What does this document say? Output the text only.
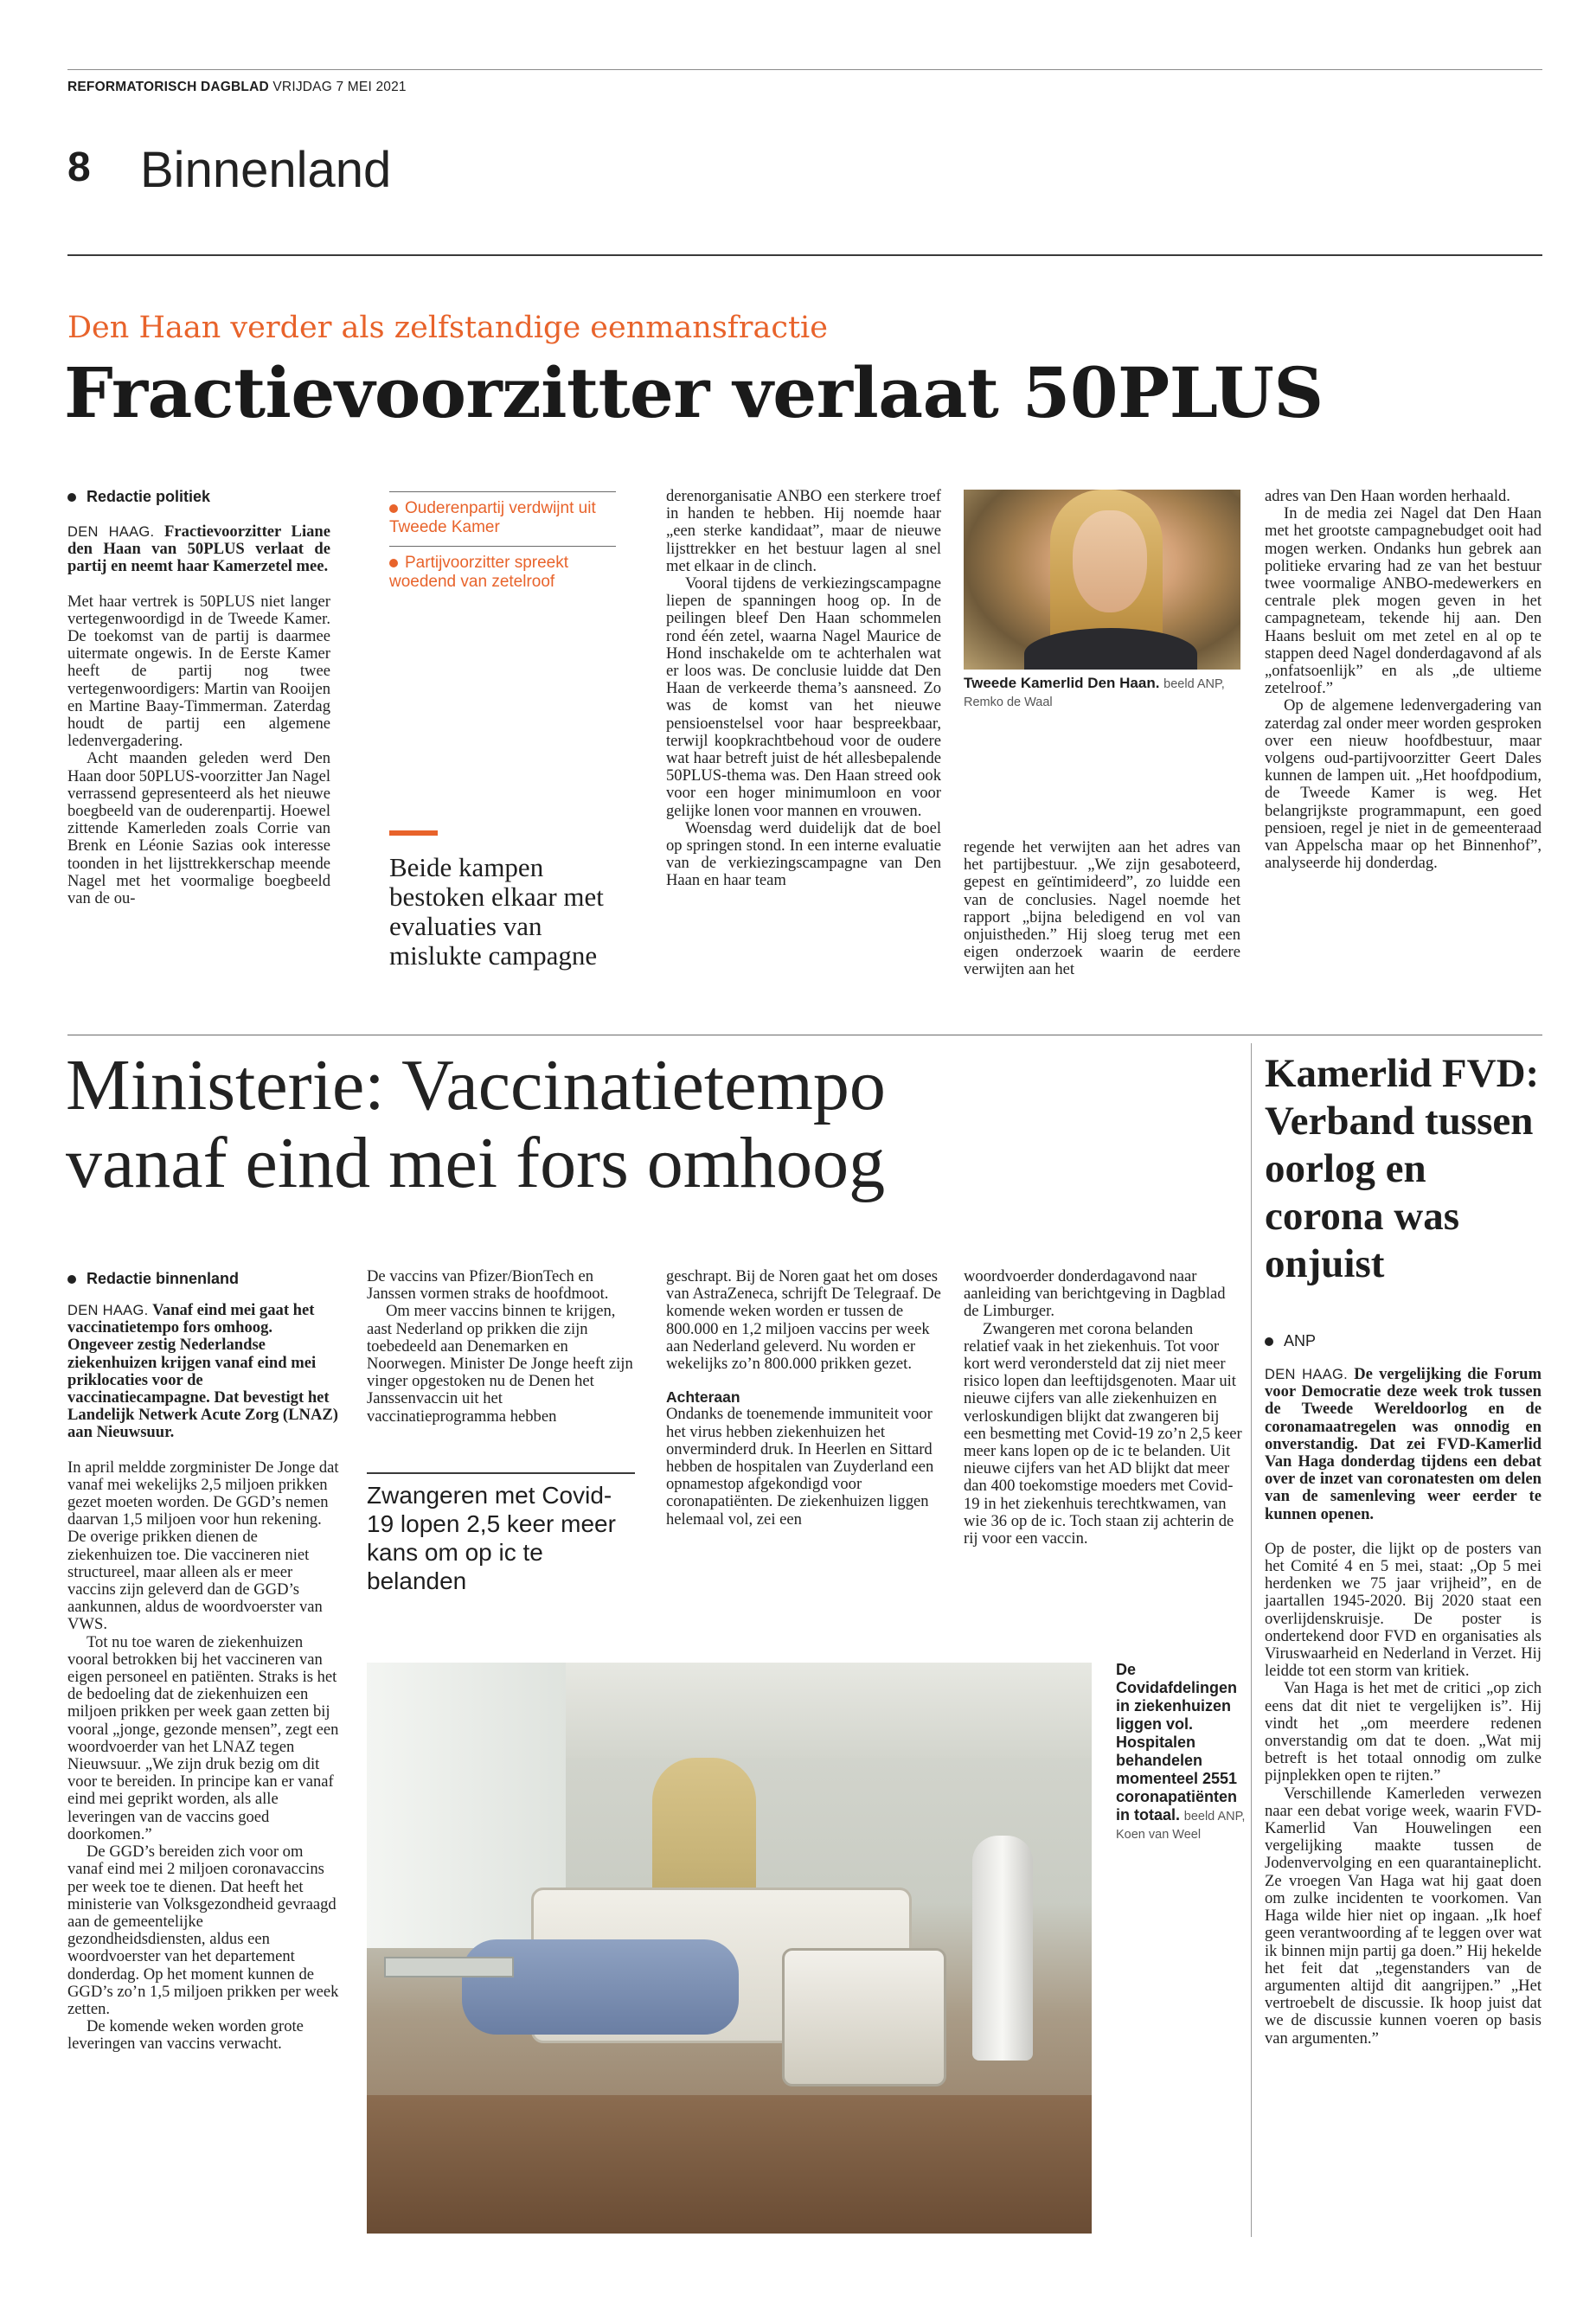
REFORMATORISCH DAGBLAD VRIJDAG 7 MEI 2021
8 Binnenland
Den Haan verder als zelfstandige eenmansfractie
Fractievoorzitter verlaat 50PLUS
Redactie politiek

DEN HAAG. Fractievoorzitter Liane den Haan van 50PLUS verlaat de partij en neemt haar Kamerzetel mee.

Met haar vertrek is 50PLUS niet langer vertegenwoordigd in de Tweede Kamer. De toekomst van de partij is daarmee uitermate ongewis. In de Eerste Kamer heeft de partij nog twee vertegenwoordigers: Martin van Rooijen en Martine Baay-Timmerman. Zaterdag houdt de partij een algemene ledenvergadering.

Acht maanden geleden werd Den Haan door 50PLUS-voorzitter Jan Nagel verrassend gepresenteerd als het nieuwe boegbeeld van de ouderenpartij. Hoewel zittende Kamerleden zoals Corrie van Brenk en Léonie Sazias ook interesse toonden in het lijsttrekkerschap meende Nagel met het voormalige boegbeeld van de ou-

Ouderenpartij verdwijnt uit Tweede Kamer
Partijvoorzitter spreekt woedend van zetelroof
Beide kampen bestoken elkaar met evaluaties van mislukte campagne

derenorganisatie ANBO een sterkere troef in handen te hebben. Hij noemde haar „een sterke kandidaat”, maar de nieuwe lijsttrekker en het bestuur lagen al snel met elkaar in de clinch.

Vooral tijdens de verkiezingscampagne liepen de spanningen hoog op. In de peilingen bleef Den Haan schommelen rond één zetel, waarna Nagel Maurice de Hond inschakelde om te achterhalen wat er loos was. De conclusie luidde dat Den Haan de verkeerde thema’s aansneed. Zo was de komst van het nieuwe pensioenstelsel voor haar bespreekbaar, terwijl koopkrachtbehoud voor de oudere wat haar betreft juist de hét allesbepalende 50PLUS-thema was. Den Haan streed ook voor een hoger minimumloon en voor gelijke lonen voor mannen en vrouwen.

Woensdag werd duidelijk dat de boel op springen stond. In een interne evaluatie van de verkiezingscampagne van Den Haan en haar team

Tweede Kamerlid Den Haan. beeld ANP, Remko de Waal

regende het verwijten aan het adres van het partijbestuur. „We zijn gesaboteerd, gepest en geïntimideerd”, zo luidde een van de conclusies. Nagel noemde het rapport „bijna beledigend en vol van onjuistheden.” Hij sloeg terug met een eigen onderzoek waarin de eerdere verwijten aan het

adres van Den Haan worden herhaald.

In de media zei Nagel dat Den Haan met het grootste campagnebudget ooit had mogen werken. Ondanks hun gebrek aan politieke ervaring had ze van het bestuur twee voormalige ANBO-medewerkers en centrale plek mogen geven in het campagneteam, tekende hij aan. Den Haans besluit om met zetel en al op te stappen deed Nagel donderdagavond af als „onfatsoenlijk” en als „de ultieme zetelroof.”

Op de algemene ledenvergadering van zaterdag zal onder meer worden gesproken over een nieuw hoofdbestuur, maar volgens oud-partijvoorzitter Geert Dales kunnen de lampen uit. „Het hoofdpodium, de Tweede Kamer is weg. Het belangrijkste programmapunt, een goed pensioen, regel je niet in de gemeenteraad van Appelscha maar op het Binnenhof”, analyseerde hij donderdag.

Ministerie: Vaccinatietempo
vanaf eind mei fors omhoog
Redactie binnenland

DEN HAAG. Vanaf eind mei gaat het vaccinatietempo fors omhoog. Ongeveer zestig Nederlandse ziekenhuizen krijgen vanaf eind mei priklocaties voor de vaccinatiecampagne. Dat bevestigt het Landelijk Netwerk Acute Zorg (LNAZ) aan Nieuwsuur.

In april meldde zorgminister De Jonge dat vanaf mei wekelijks 2,5 miljoen prikken gezet moeten worden. De GGD’s nemen daarvan 1,5 miljoen voor hun rekening. De overige prikken dienen de ziekenhuizen toe. Die vaccineren niet structureel, maar alleen als er meer vaccins zijn geleverd dan de GGD’s aankunnen, aldus de woordvoerster van VWS.

Tot nu toe waren de ziekenhuizen vooral betrokken bij het vaccineren van eigen personeel en patiënten. Straks is het de bedoeling dat de ziekenhuizen een miljoen prikken per week gaan zetten bij vooral „jonge, gezonde mensen”, zegt een woordvoerder van het LNAZ tegen Nieuwsuur. „We zijn druk bezig om dit voor te bereiden. In principe kan er vanaf eind mei geprikt worden, als alle leveringen van de vaccins goed doorkomen.”

De GGD’s bereiden zich voor om vanaf eind mei 2 miljoen coronavaccins per week toe te dienen. Dat heeft het ministerie van Volksgezondheid gevraagd aan de gemeentelijke gezondheidsdiensten, aldus een woordvoerster van het departement donderdag. Op het moment kunnen de GGD’s zo’n 1,5 miljoen prikken per week zetten.

De komende weken worden grote leveringen van vaccins verwacht.

De vaccins van Pfizer/BionTech en Janssen vormen straks de hoofdmoot.

Om meer vaccins binnen te krijgen, aast Nederland op prikken die zijn toebedeeld aan Denemarken en Noorwegen. Minister De Jonge heeft zijn vinger opgestoken nu de Denen het Janssenvaccin uit het vaccinatieprogramma hebben

Zwangeren met Covid-19 lopen 2,5 keer meer kans om op ic te belanden

geschrapt. Bij de Noren gaat het om doses van AstraZeneca, schrijft De Telegraaf. De komende weken worden er tussen de 800.000 en 1,2 miljoen vaccins per week aan Nederland geleverd. Nu worden er wekelijks zo’n 800.000 prikken gezet.

Achteraan

Ondanks de toenemende immuniteit voor het virus hebben ziekenhuizen het onverminderd druk. In Heerlen en Sittard hebben de hospitalen van Zuyderland een opnamestop afgekondigd voor coronapatiënten. De ziekenhuizen liggen helemaal vol, zei een

woordvoerder donderdagavond naar aanleiding van berichtgeving in Dagblad de Limburger.

Zwangeren met corona belanden relatief vaak in het ziekenhuis. Tot voor kort werd verondersteld dat zij niet meer risico lopen dan leeftijdsgenoten. Maar uit nieuwe cijfers van alle ziekenhuizen en verloskundigen blijkt dat zwangeren bij een besmetting met Covid-19 zo’n 2,5 keer meer kans lopen op de ic te belanden. Uit nieuwe cijfers van het AD blijkt dat meer dan 400 toekomstige moeders met Covid-19 in het ziekenhuis terechtkwamen, van wie 36 op de ic. Toch staan zij achterin de rij voor een vaccin.

De Covidafdelingen in ziekenhuizen liggen vol. Hospitalen behandelen momenteel 2551 coronapatiënten in totaal. beeld ANP, Koen van Weel
Kamerlid FVD: Verband tussen oorlog en corona was onjuist
ANP

DEN HAAG. De vergelijking die Forum voor Democratie deze week trok tussen de Tweede Wereldoorlog en de coronamaatregelen was onnodig en onverstandig. Dat zei FVD-Kamerlid Van Haga donderdag tijdens een debat over de inzet van coronatesten om delen van de samenleving weer eerder te kunnen openen.

Op de poster, die lijkt op de posters van het Comité 4 en 5 mei, staat: „Op 5 mei herdenken we 75 jaar vrijheid”, en de jaartallen 1945-2020. Bij 2020 staat een overlijdenskruisje. De poster is ondertekend door FVD en organisaties als Viruswaarheid en Nederland in Verzet. Hij leidde tot een storm van kritiek.

Van Haga is het met de critici „op zich eens dat dit niet te vergelijken is”. Hij vindt het „om meerdere redenen onverstandig om dat te doen. „Wat mij betreft is het totaal onnodig om zulke pijnplekken open te rijten.”

Verschillende Kamerleden verwezen naar een debat vorige week, waarin FVD-Kamerlid Van Houwelingen een vergelijking maakte tussen de Jodenvervolging en een quarantaineplicht. Ze vroegen Van Haga wat hij gaat doen om zulke incidenten te voorkomen. Van Haga wilde hier niet op ingaan. „Ik hoef geen verantwoording af te leggen over wat ik binnen mijn partij ga doen.” Hij hekelde het feit dat „tegenstanders van de argumenten altijd dit aangrijpen.” „Het vertroebelt de discussie. Ik hoop juist dat we de discussie kunnen voeren op basis van argumenten.”
